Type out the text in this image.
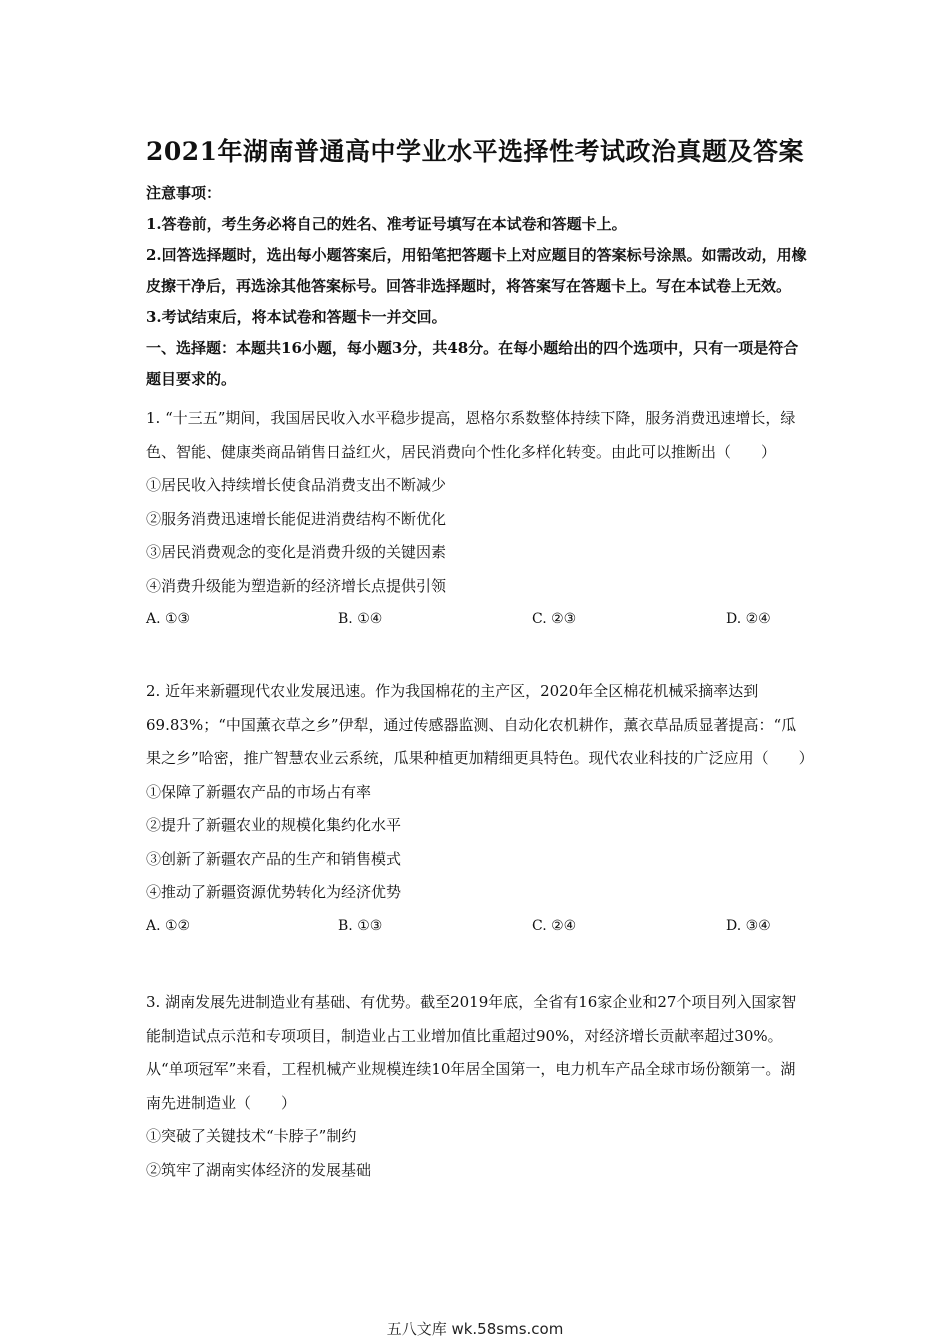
2021年湖南普通高中学业水平选择性考试政治真题及答案

注意事项：

1.答卷前，考生务必将自己的姓名、准考证号填写在本试卷和答题卡上。

2.回答选择题时，选出每小题答案后，用铅笔把答题卡上对应题目的答案标号涂黑。如需改动，用橡皮擦干净后，再选涂其他答案标号。回答非选择题时，将答案写在答题卡上。写在本试卷上无效。

3.考试结束后，将本试卷和答题卡一并交回。

一、选择题：本题共16小题，每小题3分，共48分。在每小题给出的四个选项中，只有一项是符合题目要求的。

1. “十三五”期间，我国居民收入水平稳步提高，恩格尔系数整体持续下降，服务消费迅速增长，绿色、智能、健康类商品销售日益红火，居民消费向个性化多样化转变。由此可以推断出（　　）

①居民收入持续增长使食品消费支出不断减少

②服务消费迅速增长能促进消费结构不断优化

③居民消费观念的变化是消费升级的关键因素

④消费升级能为塑造新的经济增长点提供引领

A. ①③	B. ①④	C. ②③	D. ②④

2. 近年来新疆现代农业发展迅速。作为我国棉花的主产区，2020年全区棉花机械采摘率达到69.83%；“中国薰衣草之乡”伊犁，通过传感器监测、自动化农机耕作，薰衣草品质显著提高：“瓜果之乡”哈密，推广智慧农业云系统，瓜果种植更加精细更具特色。现代农业科技的广泛应用（　　）

①保障了新疆农产品的市场占有率

②提升了新疆农业的规模化集约化水平

③创新了新疆农产品的生产和销售模式

④推动了新疆资源优势转化为经济优势

A. ①②	B. ①③	C. ②④	D. ③④

3. 湖南发展先进制造业有基础、有优势。截至2019年底，全省有16家企业和27个项目列入国家智能制造试点示范和专项项目，制造业占工业增加值比重超过90%，对经济增长贡献率超过30%。从“单项冠军”来看，工程机械产业规模连续10年居全国第一，电力机车产品全球市场份额第一。湖南先进制造业（　　）

①突破了关键技术“卡脖子”制约

②筑牢了湖南实体经济的发展基础

五八文库 wk.58sms.com
